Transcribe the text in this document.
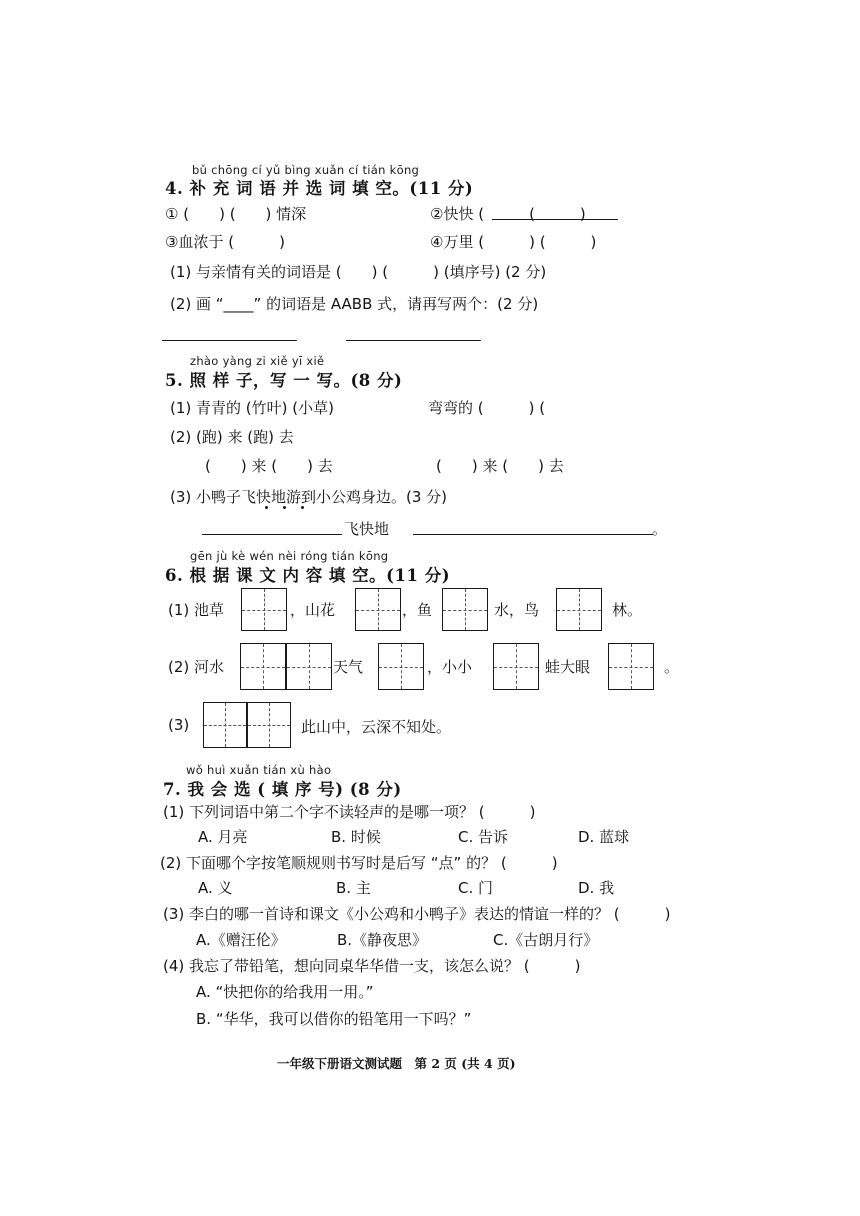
bǔ chōng cí yǔ bìng xuǎn cí tián kōng
4. 补 充 词 语 并 选 词 填 空。(11 分)
① (　　) (　　) 情深	②快快 (　　　(　　　)
③血浓于 (　　　)	④万里 (　　　) (　　　)
(1) 与亲情有关的词语是 (　　) (　　　) (填序号) (2 分)
(2) 画 “____” 的词语是 AABB 式，请再写两个：(2 分)
zhào yàng zi xiě yī xiě
5. 照 样 子，写 一 写。(8 分)
(1) 青青的 (竹叶) (小草)	弯弯的 (　　　) (
(2) (跑) 来 (跑) 去
(　　) 来 (　　) 去	(　　) 来 (　　) 去
(3) 小鸭子飞快地游到小公鸡身边。(3 分)
飞快地	。
gēn jù kè wén nèi róng tián kōng
6. 根 据 课 文 内 容 填 空。(11 分)
(1) 池草	，山花	，鱼	水，鸟	林。
(2) 河水	天气	，小小	蛙大眼	。
(3)	此山中，云深不知处。
wǒ huì xuǎn tián xù hào
7. 我 会 选 ( 填 序 号) (8 分)
(1) 下列词语中第二个字不读轻声的是哪一项？ (　　　)
A. 月亮	B. 时候	C. 告诉	D. 蓝球
(2) 下面哪个字按笔顺规则书写时是后写 “点” 的？ (　　　)
A. 义	B. 主	C. 门	D. 我
(3) 李白的哪一首诗和课文《小公鸡和小鸭子》表达的情谊一样的？ (　　　)
A.《赠汪伦》	B.《静夜思》	C.《古朗月行》
(4) 我忘了带铅笔，想向同桌华华借一支，该怎么说？ (　　　)
A. “快把你的给我用一用。”
B. “华华，我可以借你的铅笔用一下吗？”
一年级下册语文测试题　第 2 页 (共 4 页)
